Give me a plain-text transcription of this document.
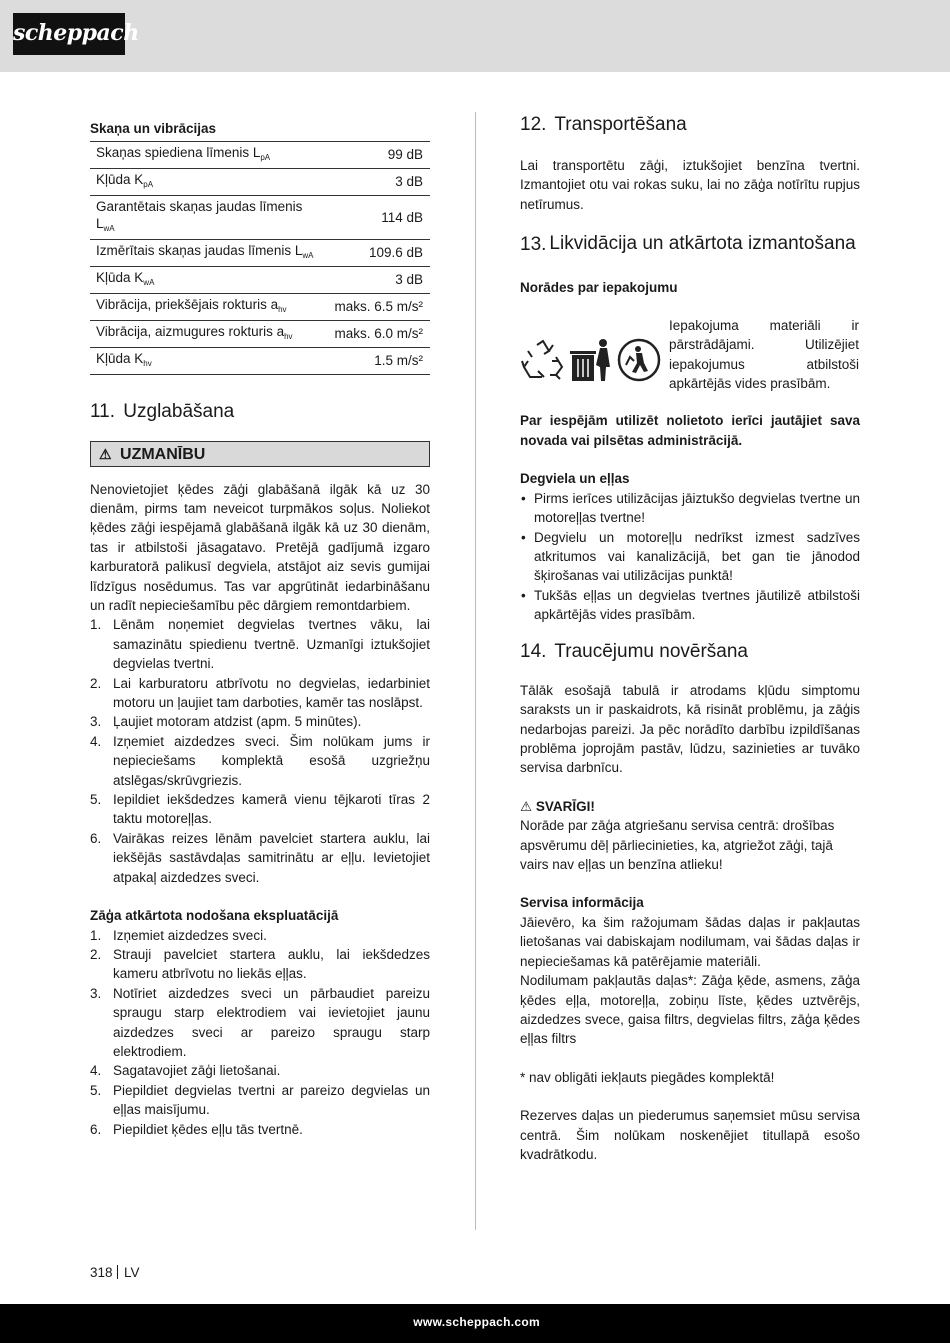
scheppach
Skaņa un vibrācijas
Skaņas spiediena līmenis $L_{pA}$	99 dB
Kļūda $K_{pA}$	3 dB
Garantētais skaņas jaudas līmenis $L_{wA}$	114 dB
Izmērītais skaņas jaudas līmenis $L_{wA}$	109.6 dB
Kļūda $K_{wA}$	3 dB
Vibrācija, priekšējais rokturis $a_{hv}$	maks. 6.5 m/s²
Vibrācija, aizmugures rokturis $a_{hv}$	maks. 6.0 m/s²
Kļūda $K_{hv}$	1.5 m/s²
11. Uzglabāšana
⚠ UZMANĪBU

Nenovietojiet ķēdes zāģi glabāšanā ilgāk kā uz 30 dienām, pirms tam neveicot turpmākos soļus. Noliekot ķēdes zāģi iespējamā glabāšanā ilgāk kā uz 30 dienām, tas ir atbilstoši jāsagatavo. Pretējā gadījumā izgaro karburatorā palikusī degviela, atstājot aiz sevis gumijai līdzīgus nosēdumus. Tas var apgrūtināt iedarbināšanu un radīt nepieciešamību pēc dārgiem remontdarbiem.

1. Lēnām noņemiet degvielas tvertnes vāku, lai samazinātu spiedienu tvertnē. Uzmanīgi iztukšojiet degvielas tvertni.
2. Lai karburatoru atbrīvotu no degvielas, iedarbiniet motoru un ļaujiet tam darboties, kamēr tas noslāpst.
3. Ļaujiet motoram atdzist (apm. 5 minūtes).
4. Izņemiet aizdedzes sveci. Šim nolūkam jums ir nepieciešams komplektā esošā uzgriežņu atslēgas/skrūvgriezis.
5. Iepildiet iekšdedzes kamerā vienu tējkaroti tīras 2 taktu motoreļļas.
6. Vairākas reizes lēnām pavelciet startera auklu, lai iekšējās sastāvdaļas samitrinātu ar eļļu. Ievietojiet atpakaļ aizdedzes sveci.
Zāģa atkārtota nodošana ekspluatācijā
1. Izņemiet aizdedzes sveci.
2. Strauji pavelciet startera auklu, lai iekšdedzes kameru atbrīvotu no liekās eļļas.
3. Notīriet aizdedzes sveci un pārbaudiet pareizu spraugu starp elektrodiem vai ievietojiet jaunu aizdedzes sveci ar pareizo spraugu starp elektrodiem.
4. Sagatavojiet zāģi lietošanai.
5. Piepildiet degvielas tvertni ar pareizo degvielas un eļļas maisījumu.
6. Piepildiet ķēdes eļļu tās tvertnē.
12. Transportēšana

Lai transportētu zāģi, iztukšojiet benzīna tvertni. Izmantojiet otu vai rokas suku, lai no zāģa notīrītu rupjus netīrumus.

13. Likvidācija un atkārtota izmantošana
Norādes par iepakojumu

Iepakojuma materiāli ir pārstrādājami. Utilizējiet iepakojumus atbilstoši apkārtējās vides prasībām.

Par iespējām utilizēt nolietoto ierīci jautājiet sava novada vai pilsētas administrācijā.

Degviela un eļļas
• Pirms ierīces utilizācijas jāiztukšo degvielas tvertne un motoreļļas tvertne!
• Degvielu un motoreļļu nedrīkst izmest sadzīves atkritumos vai kanalizācijā, bet gan tie jānodod šķirošanas vai utilizācijas punktā!
• Tukšās eļļas un degvielas tvertnes jāutilizē atbilstoši apkārtējās vides prasībām.
14. Traucējumu novēršana

Tālāk esošajā tabulā ir atrodams kļūdu simptomu saraksts un ir paskaidrots, kā risināt problēmu, ja zāģis nedarbojas pareizi. Ja pēc norādīto darbību izpildīšanas problēma joprojām pastāv, lūdzu, sazinieties ar tuvāko servisa darbnīcu.

⚠ SVARĪGI!

Norāde par zāģa atgriešanu servisa centrā: drošības apsvērumu dēļ pārliecinieties, ka, atgriežot zāģi, tajā vairs nav eļļas un benzīna atlieku!

Servisa informācija

Jāievēro, ka šim ražojumam šādas daļas ir pakļautas lietošanas vai dabiskajam nodilumam, vai šādas daļas ir nepieciešamas kā patērējamie materiāli.

Nodilumam pakļautās daļas*: Zāģa ķēde, asmens, zāģa ķēdes eļļa, motoreļļa, zobiņu līste, ķēdes uztvērējs, aizdedzes svece, gaisa filtrs, degvielas filtrs, zāģa ķēdes eļļas filtrs

* nav obligāti iekļauts piegādes komplektā!

Rezerves daļas un piederumus saņemsiet mūsu servisa centrā. Šim nolūkam noskenējiet titullapā esošo kvadrātkodu.

318 LV
www.scheppach.com
